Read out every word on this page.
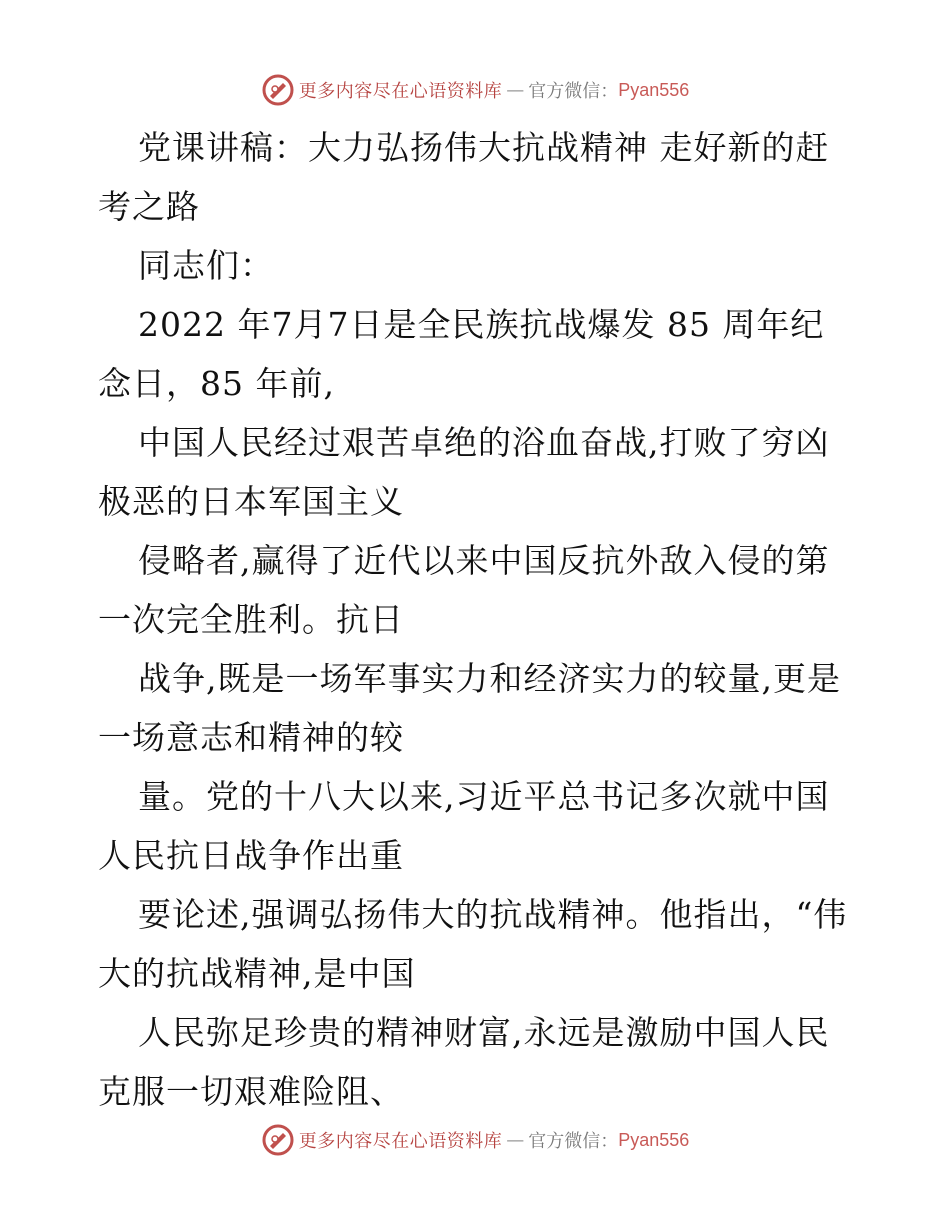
更多内容尽在心语资料库 — 官方微信： Pyan556

党课讲稿：大力弘扬伟大抗战精神 走好新的赶考之路

同志们：

2022 年7月7日是全民族抗战爆发 85 周年纪念日，85 年前,

中国人民经过艰苦卓绝的浴血奋战,打败了穷凶极恶的日本军国主义

侵略者,赢得了近代以来中国反抗外敌入侵的第一次完全胜利。抗日

战争,既是一场军事实力和经济实力的较量,更是一场意志和精神的较

量。党的十八大以来,习近平总书记多次就中国人民抗日战争作出重

要论述,强调弘扬伟大的抗战精神。他指出，“伟大的抗战精神,是中国

人民弥足珍贵的精神财富,永远是激励中国人民克服一切艰难险阻、

更多内容尽在心语资料库 — 官方微信： Pyan556
